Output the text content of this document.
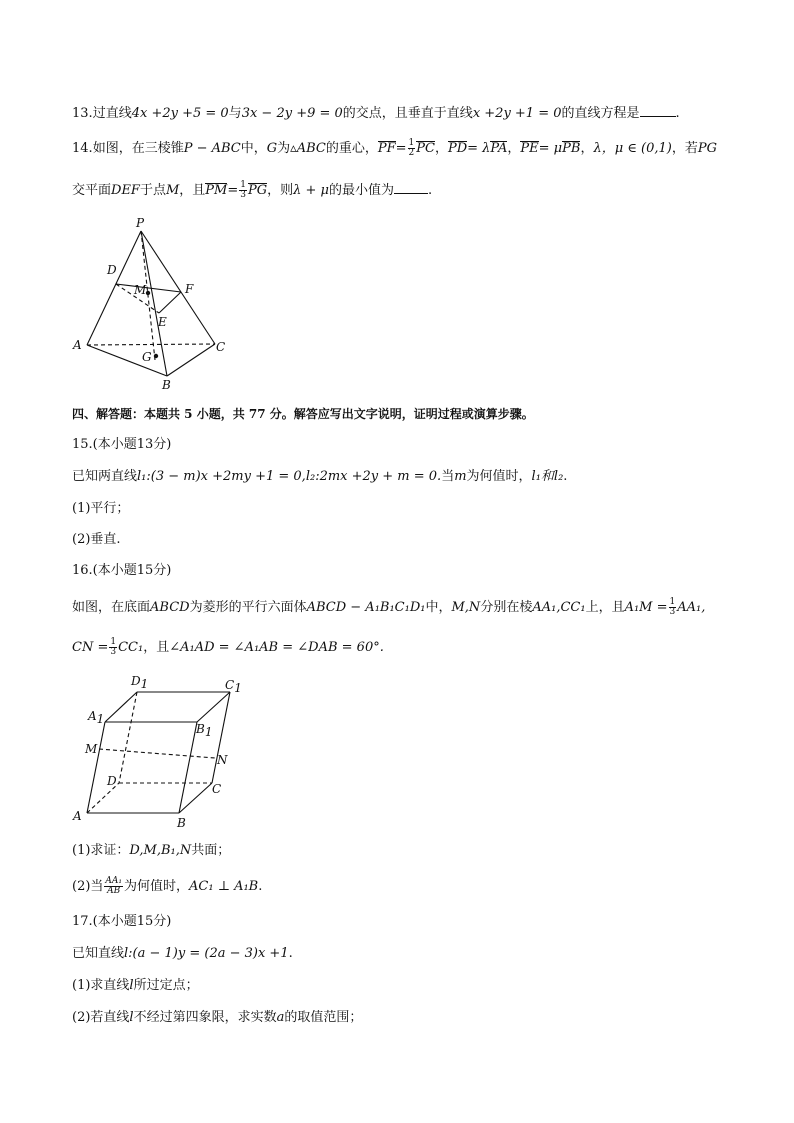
13.过直线4x +2y +5 = 0与3x − 2y +9 = 0的交点，且垂直于直线x +2y +1 = 0的直线方程是	.
14.如图，在三棱锥P − ABC中，G为▵ABC的重心，$PF= \frac{1}{2}$ PC，PD= λPA，PE= μPB，λ，μ ∈ (0,1)，若PG
交平面DEF于点M，且$PM= \frac{1}{3}$ PG，则λ + μ的最小值为	.
P
D
M	F
E
A
G
C
B
四、解答题：本题共 5 小题，共 77 分。解答应写出文字说明，证明过程或演算步骤。
15.(本小题13分)
已知两直线l₁:(3 − m)x +2my +1 = 0,l₂:2mx +2y + m = 0.当m为何值时，l₁和l₂.
(1)平行；
(2)垂直.
16.(本小题15分)
如图，在底面ABCD为菱形的平行六面体ABCD − A₁B₁C₁D₁中，M,N分别在棱AA₁,CC₁上，且$A_1M = \frac{1}{3} AA_1$,
CN = $\frac{1}{3} CC_1$，且∠A₁AD = ∠A₁AB = ∠DAB = 60°.
D1	C1
A1
B1
M
N
D
C
A	B
(1)求证：D,M,B₁,N共面；
(2)当 $\frac{\text{AA₁}}{AB}$ 为何值时，AC₁ ⊥ A₁B.
17.(本小题15分)
已知直线l:(a − 1)y = (2a − 3)x +1.
(1)求直线l所过定点；
(2)若直线l不经过第四象限，求实数a的取值范围；
